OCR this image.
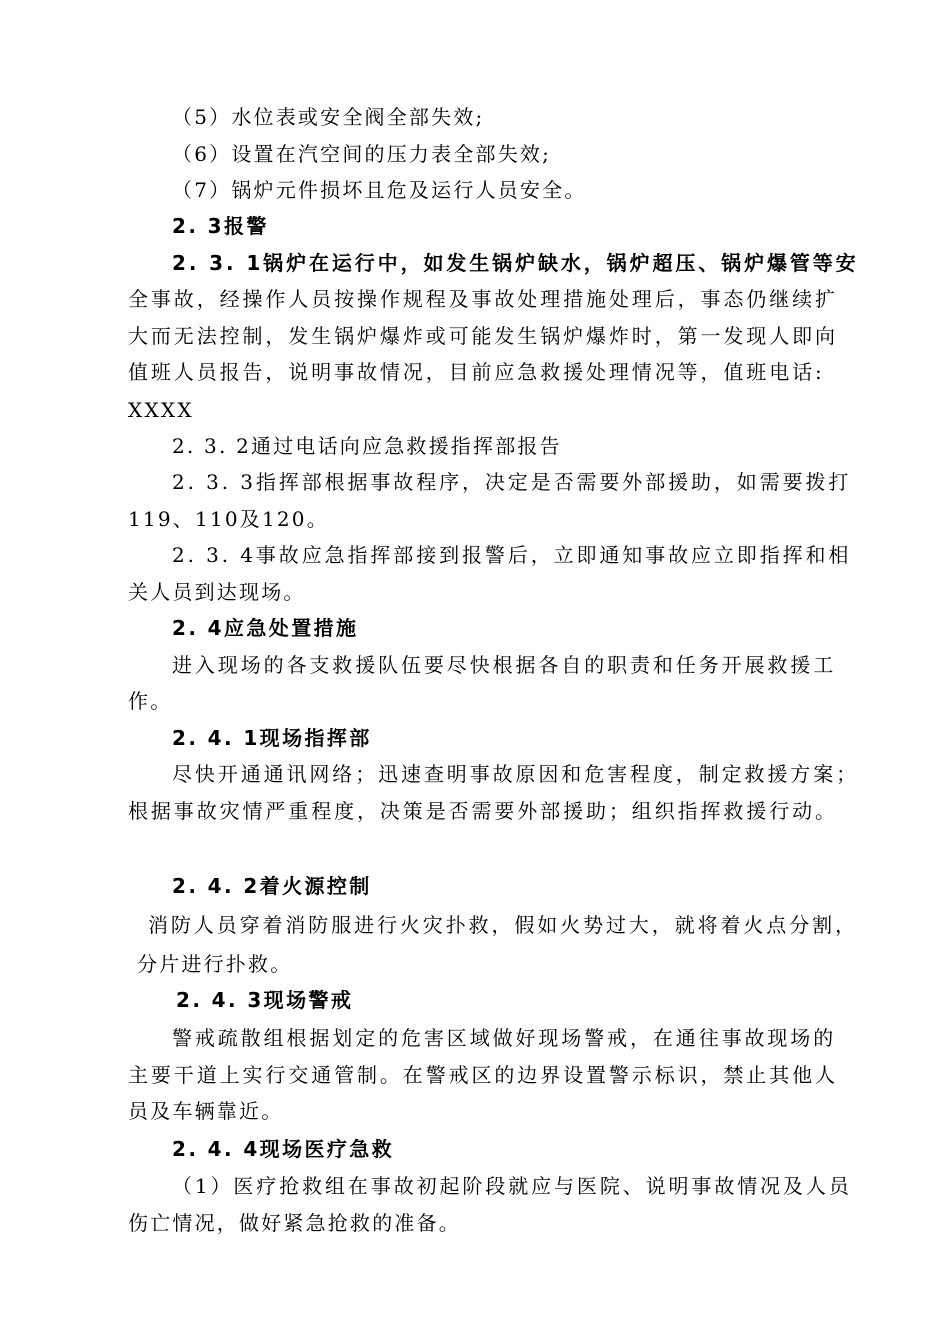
（5）水位表或安全阀全部失效;
（6）设置在汽空间的压力表全部失效;
（7）锅炉元件损坏且危及运行人员安全。
2. 3报警
2. 3. 1锅炉在运行中，如发生锅炉缺水，锅炉超压、锅炉爆管等安
全事故，经操作人员按操作规程及事故处理措施处理后，事态仍继续扩
大而无法控制，发生锅炉爆炸或可能发生锅炉爆炸时，第一发现人即向
值班人员报告，说明事故情况，目前应急救援处理情况等，值班电话:
XXXX
2. 3. 2通过电话向应急救援指挥部报告
2. 3. 3指挥部根据事故程序，决定是否需要外部援助，如需要拨打
119、110及120。
2. 3. 4事故应急指挥部接到报警后，立即通知事故应立即指挥和相
关人员到达现场。
2. 4应急处置措施
进入现场的各支救援队伍要尽快根据各自的职责和任务开展救援工
作。
2. 4. 1现场指挥部
尽快开通通讯网络；迅速查明事故原因和危害程度，制定救援方案；
根据事故灾情严重程度，决策是否需要外部援助；组织指挥救援行动。
2. 4. 2着火源控制
消防人员穿着消防服进行火灾扑救，假如火势过大，就将着火点分割，
分片进行扑救。
2. 4. 3现场警戒
警戒疏散组根据划定的危害区域做好现场警戒，在通往事故现场的
主要干道上实行交通管制。在警戒区的边界设置警示标识，禁止其他人
员及车辆靠近。
2. 4. 4现场医疗急救
（1）医疗抢救组在事故初起阶段就应与医院、说明事故情况及人员
伤亡情况，做好紧急抢救的准备。
